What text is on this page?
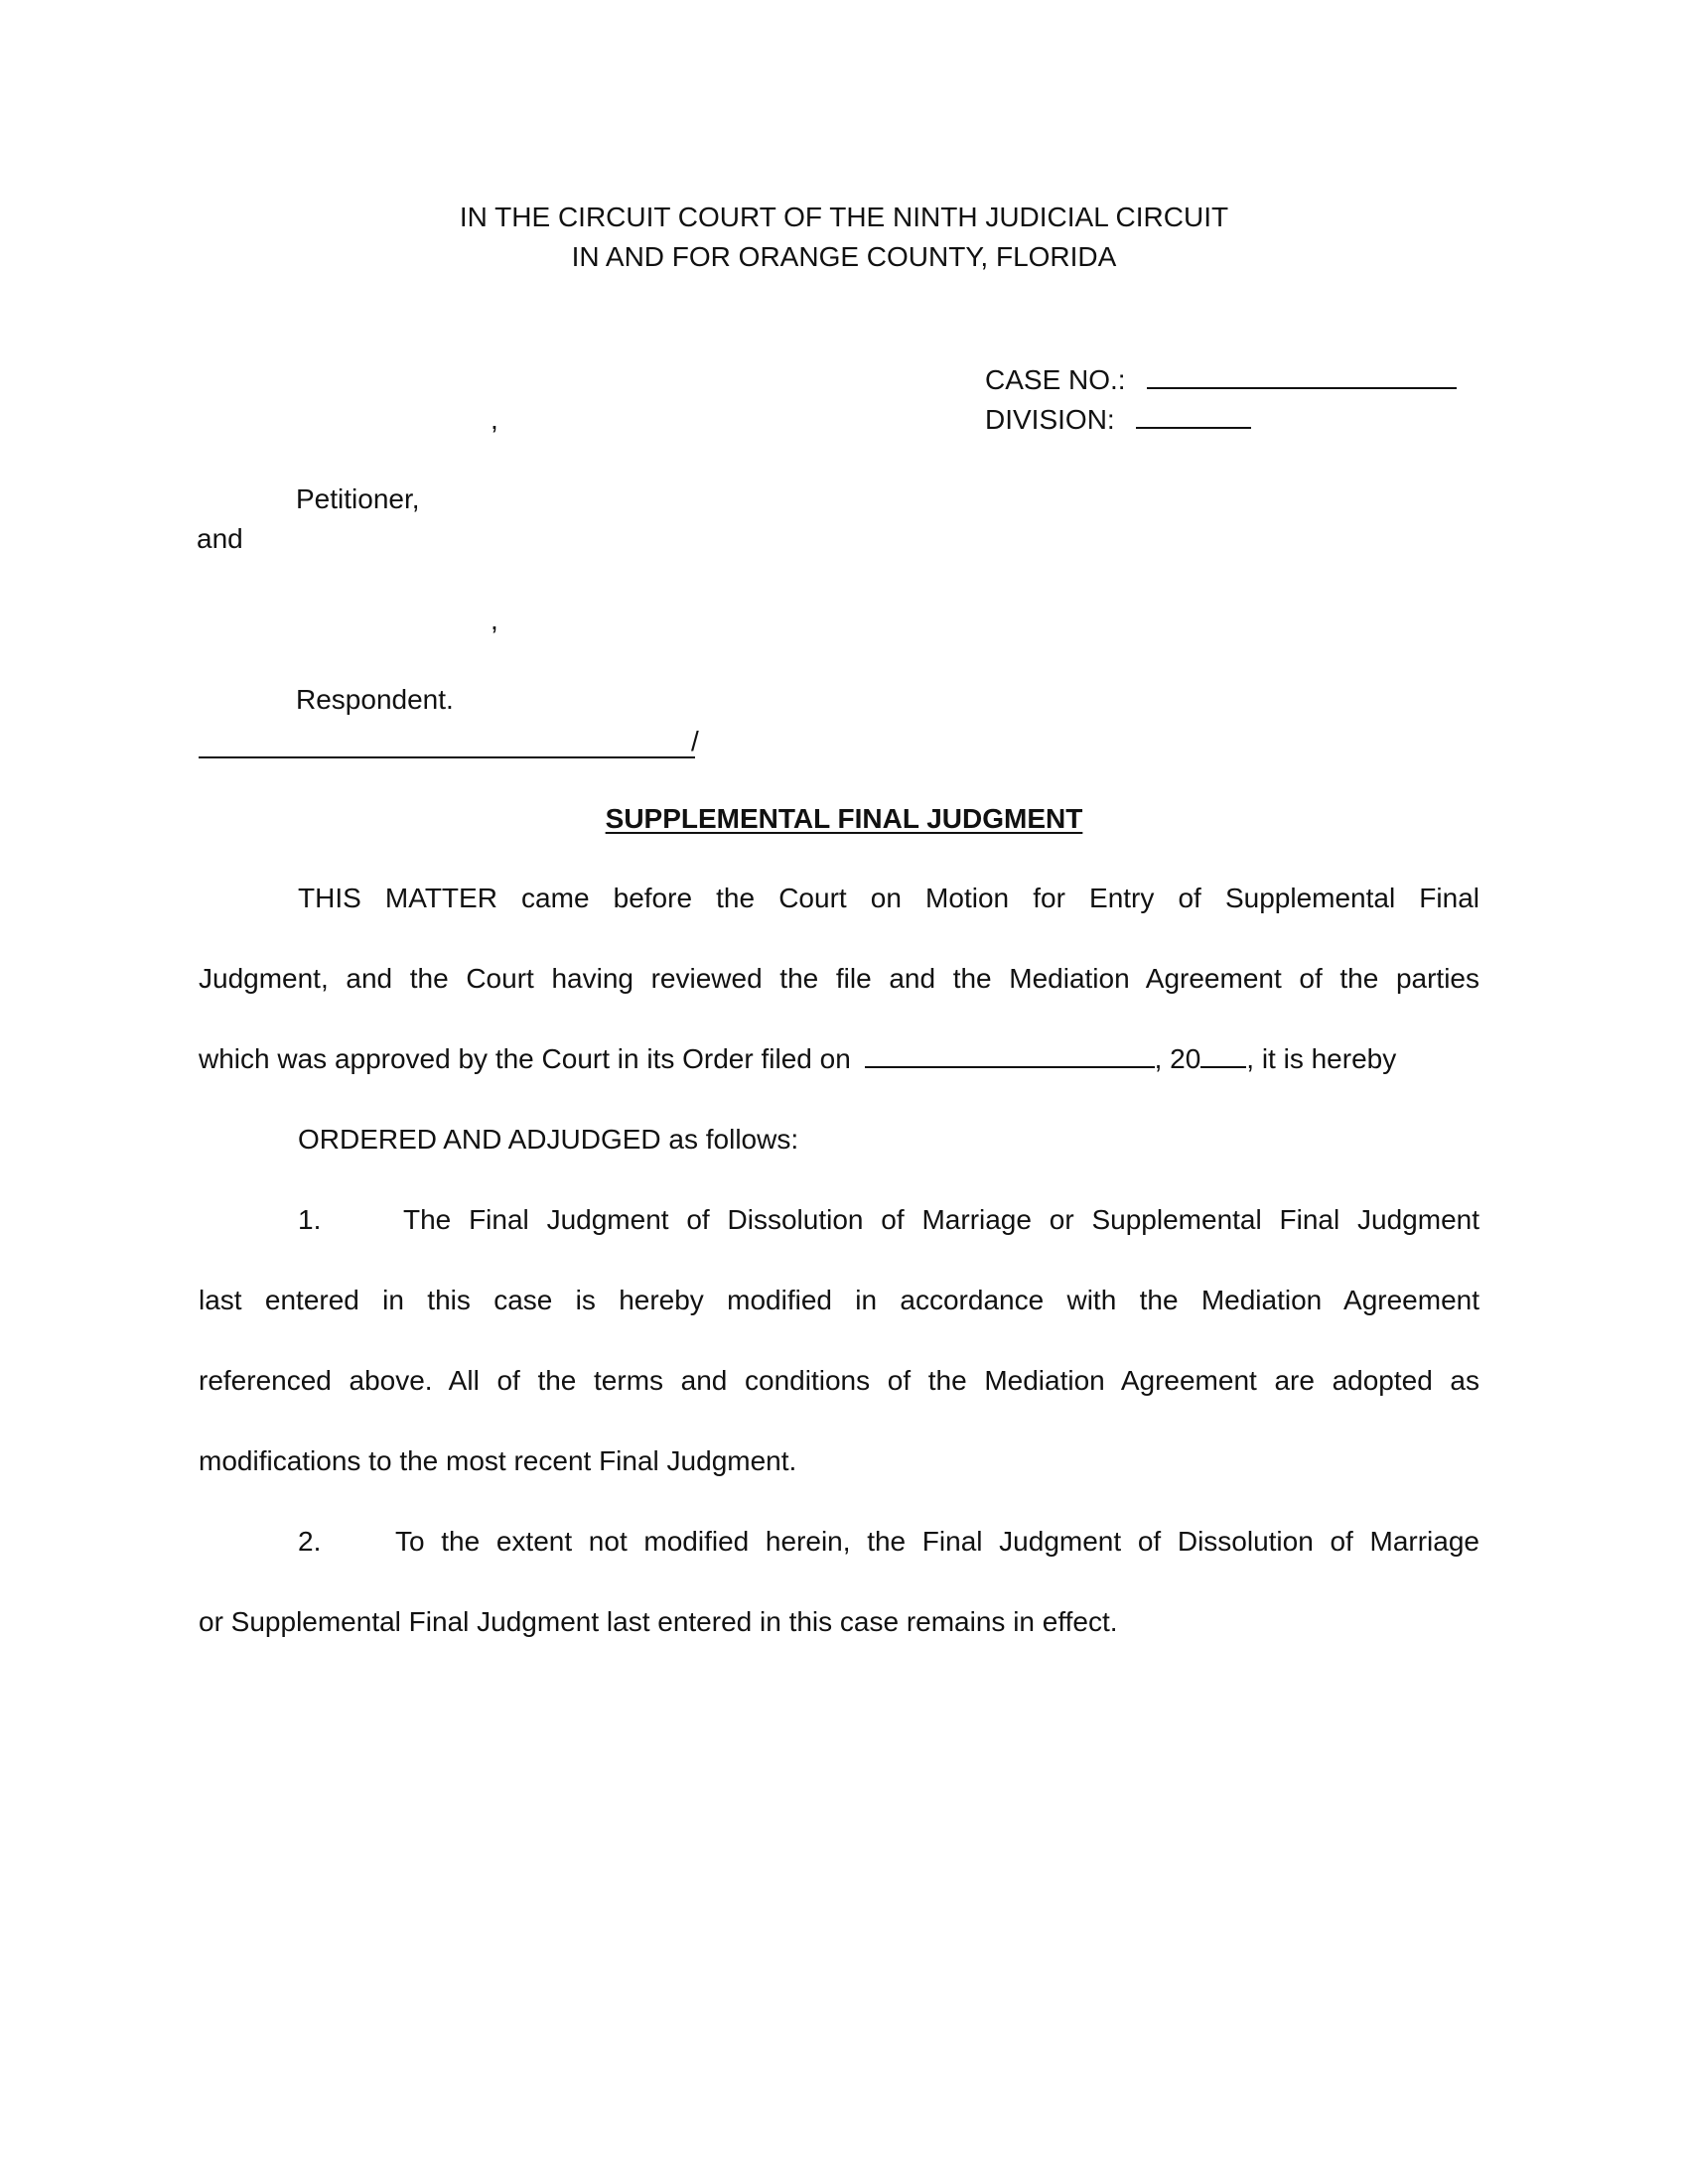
IN THE CIRCUIT COURT OF THE NINTH JUDICIAL CIRCUIT
IN AND FOR ORANGE COUNTY, FLORIDA
CASE NO.:
DIVISION:
,
Petitioner,
and
,
Respondent.
/
SUPPLEMENTAL FINAL JUDGMENT
THIS MATTER came before the Court on Motion for Entry of Supplemental Final
Judgment, and the Court having reviewed the file and the Mediation Agreement of the parties
which was approved by the Court in its Order filed on	, 20 , it is hereby
ORDERED AND ADJUDGED as follows:
1.	The Final Judgment of Dissolution of Marriage or Supplemental Final Judgment
last entered in this case is hereby modified in accordance with the Mediation Agreement
referenced above. All of the terms and conditions of the Mediation Agreement are adopted as
modifications to the most recent Final Judgment.
2.	To the extent not modified herein, the Final Judgment of Dissolution of Marriage
or Supplemental Final Judgment last entered in this case remains in effect.
